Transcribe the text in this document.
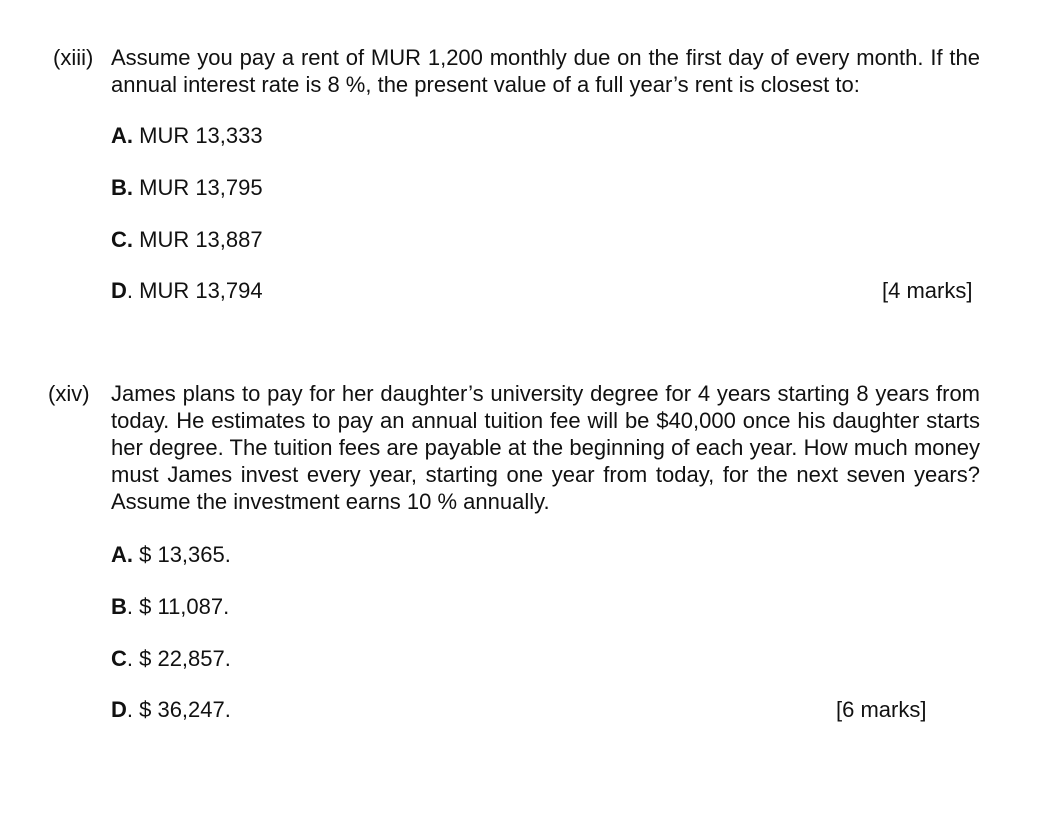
(xiii) Assume you pay a rent of MUR 1,200 monthly due on the first day of every month. If the annual interest rate is 8 %, the present value of a full year’s rent is closest to:
A. MUR 13,333
B. MUR 13,795
C. MUR 13,887
D. MUR 13,794	[4 marks]
(xiv) James plans to pay for her daughter’s university degree for 4 years starting 8 years from today. He estimates to pay an annual tuition fee will be $40,000 once his daughter starts her degree. The tuition fees are payable at the beginning of each year. How much money must James invest every year, starting one year from today, for the next seven years? Assume the investment earns 10 % annually.
A. $ 13,365.
B. $ 11,087.
C. $ 22,857.
D. $ 36,247.	[6 marks]
